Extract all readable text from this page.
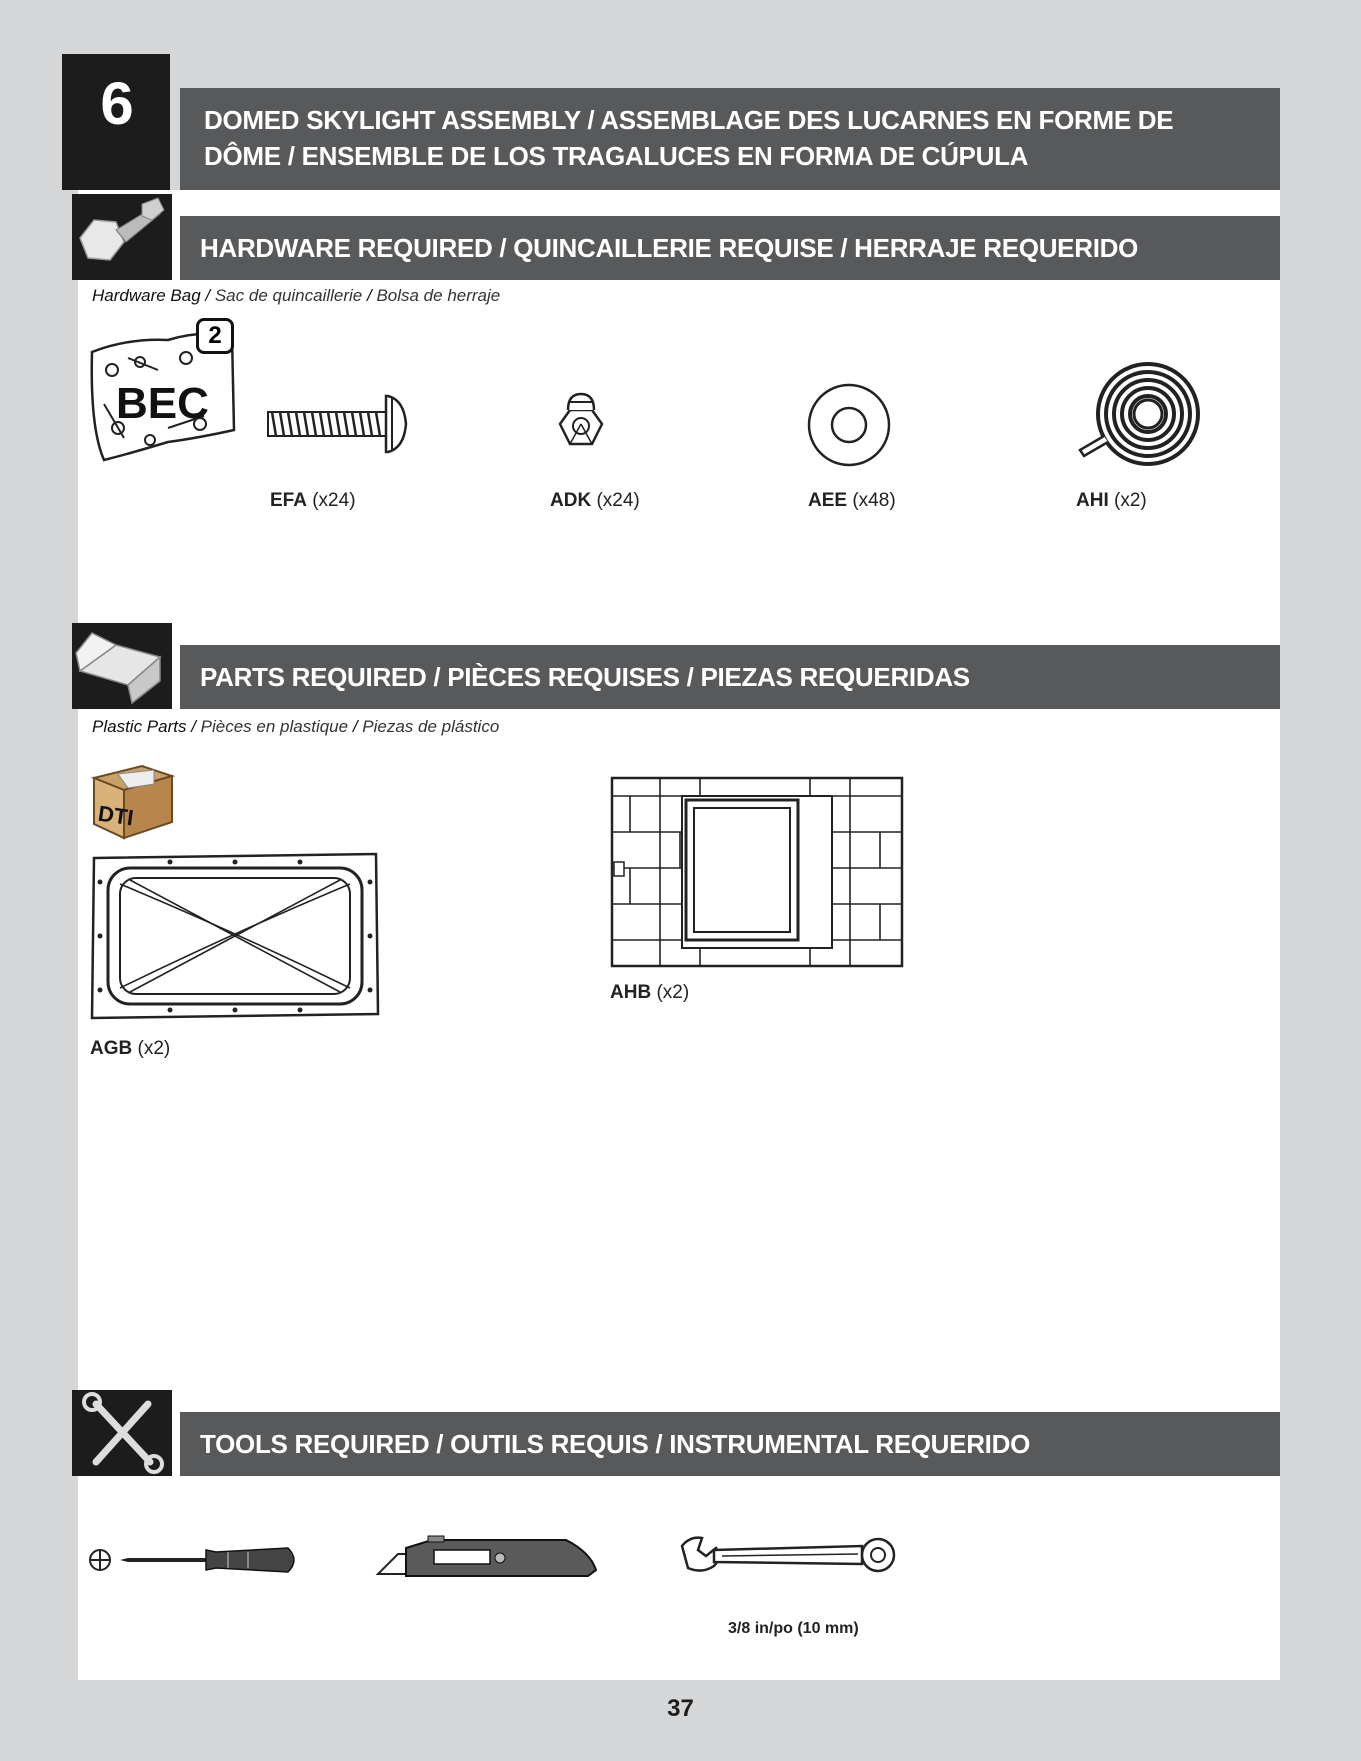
6	DOMED SKYLIGHT ASSEMBLY / ASSEMBLAGE DES LUCARNES EN FORME DE DÔME / ENSEMBLE DE LOS TRAGALUCES EN FORMA DE CÚPULA
HARDWARE REQUIRED / QUINCAILLERIE REQUISE / HERRAJE REQUERIDO
Hardware Bag / Sac de quincaillerie / Bolsa de herraje
BEC
2
EFA (x24)	ADK (x24)	AEE (x48)	AHI (x2)
PARTS REQUIRED / PIÈCES REQUISES / PIEZAS REQUERIDAS
Plastic Parts / Pièces en plastique / Piezas de plástico
DTI
AGB (x2)
AHB (x2)
TOOLS REQUIRED / OUTILS REQUIS / INSTRUMENTAL REQUERIDO
3/8 in/po (10 mm)
37
